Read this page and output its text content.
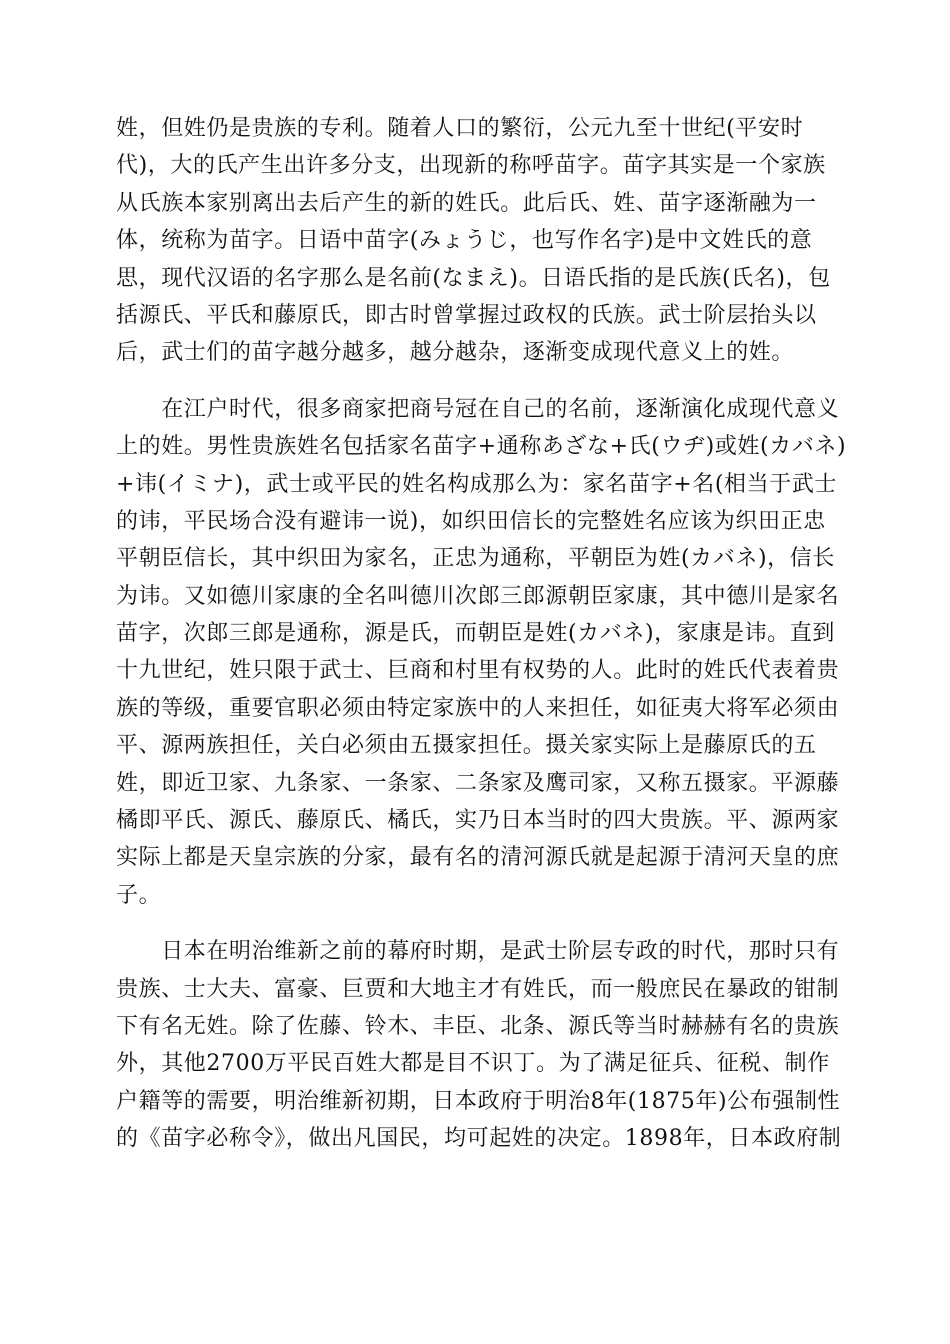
姓，但姓仍是贵族的专利。随着人口的繁衍，公元九至十世纪(平安时
代)，大的氏产生出许多分支，出现新的称呼苗字。苗字其实是一个家族
从氏族本家别离出去后产生的新的姓氏。此后氏、姓、苗字逐渐融为一
体，统称为苗字。日语中苗字(みょうじ，也写作名字)是中文姓氏的意
思，现代汉语的名字那么是名前(なまえ)。日语氏指的是氏族(氏名)，包
括源氏、平氏和藤原氏，即古时曾掌握过政权的氏族。武士阶层抬头以
后，武士们的苗字越分越多，越分越杂，逐渐变成现代意义上的姓。
　　在江户时代，很多商家把商号冠在自己的名前，逐渐演化成现代意义
上的姓。男性贵族姓名包括家名苗字+通称あざな+氏(ウヂ)或姓(カバネ)
+讳(イミナ)，武士或平民的姓名构成那么为：家名苗字+名(相当于武士
的讳，平民场合没有避讳一说)，如织田信长的完整姓名应该为织田正忠
平朝臣信长，其中织田为家名，正忠为通称，平朝臣为姓(カバネ)，信长
为讳。又如德川家康的全名叫德川次郎三郎源朝臣家康，其中德川是家名
苗字，次郎三郎是通称，源是氏，而朝臣是姓(カバネ)，家康是讳。直到
十九世纪，姓只限于武士、巨商和村里有权势的人。此时的姓氏代表着贵
族的等级，重要官职必须由特定家族中的人来担任，如征夷大将军必须由
平、源两族担任，关白必须由五摄家担任。摄关家实际上是藤原氏的五
姓，即近卫家、九条家、一条家、二条家及鹰司家，又称五摄家。平源藤
橘即平氏、源氏、藤原氏、橘氏，实乃日本当时的四大贵族。平、源两家
实际上都是天皇宗族的分家，最有名的清河源氏就是起源于清河天皇的庶
子。
　　日本在明治维新之前的幕府时期，是武士阶层专政的时代，那时只有
贵族、士大夫、富豪、巨贾和大地主才有姓氏，而一般庶民在暴政的钳制
下有名无姓。除了佐藤、铃木、丰臣、北条、源氏等当时赫赫有名的贵族
外，其他2700万平民百姓大都是目不识丁。为了满足征兵、征税、制作
户籍等的需要，明治维新初期，日本政府于明治8年(1875年)公布强制性
的《苗字必称令》，做出凡国民，均可起姓的决定。1898年，日本政府制
